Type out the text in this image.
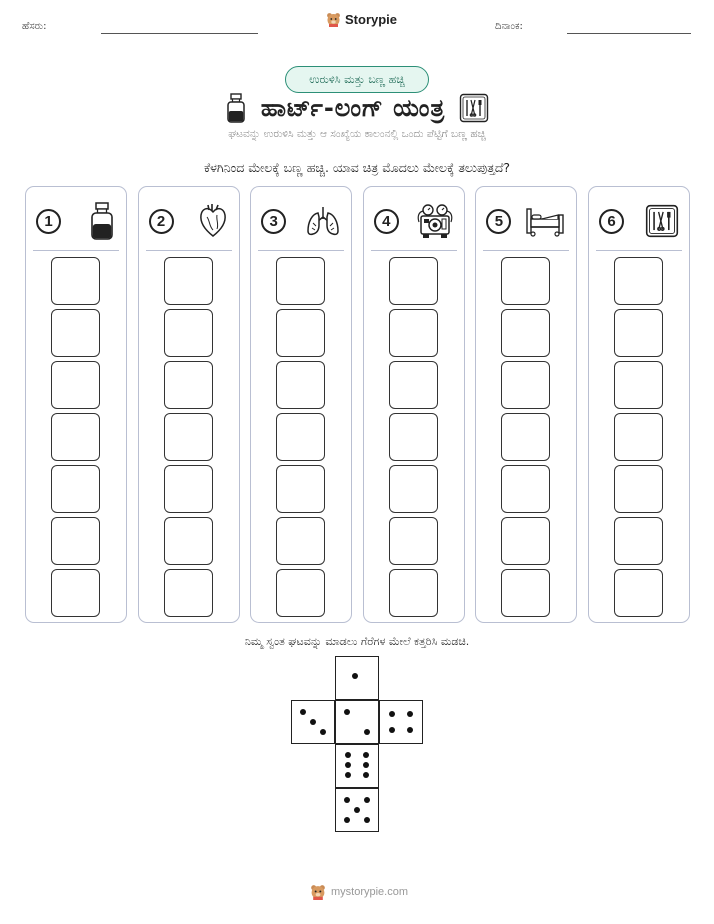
ಹೆಸರು:	Storypie	ದಿನಾಂಕ:
ಉರುಳಿಸಿ ಮತ್ತು ಬಣ್ಣ ಹಚ್ಚಿ
ಹಾರ್ಟ್-ಲಂಗ್ ಯಂತ್ರ
ಘಟವನ್ನು ಉರುಳಿಸಿ ಮತ್ತು ಆ ಸಂಖ್ಯೆಯ ಕಾಲಂನಲ್ಲಿ ಒಂದು ಪೆಟ್ಟಿಗೆ ಬಣ್ಣ ಹಚ್ಚಿ
ಕೆಳಗಿನಿಂದ ಮೇಲಕ್ಕೆ ಬಣ್ಣ ಹಚ್ಚಿ. ಯಾವ ಚಿತ್ರ ಮೊದಲು ಮೇಲಕ್ಕೆ ತಲುಪುತ್ತದೆ?
1	2	3	4	5	6
ನಿಮ್ಮ ಸ್ವಂತ ಘಟವನ್ನು ಮಾಡಲು ಗೆರೆಗಳ ಮೇಲೆ ಕತ್ತರಿಸಿ ಮಡಚಿ.
mystorypie.com
